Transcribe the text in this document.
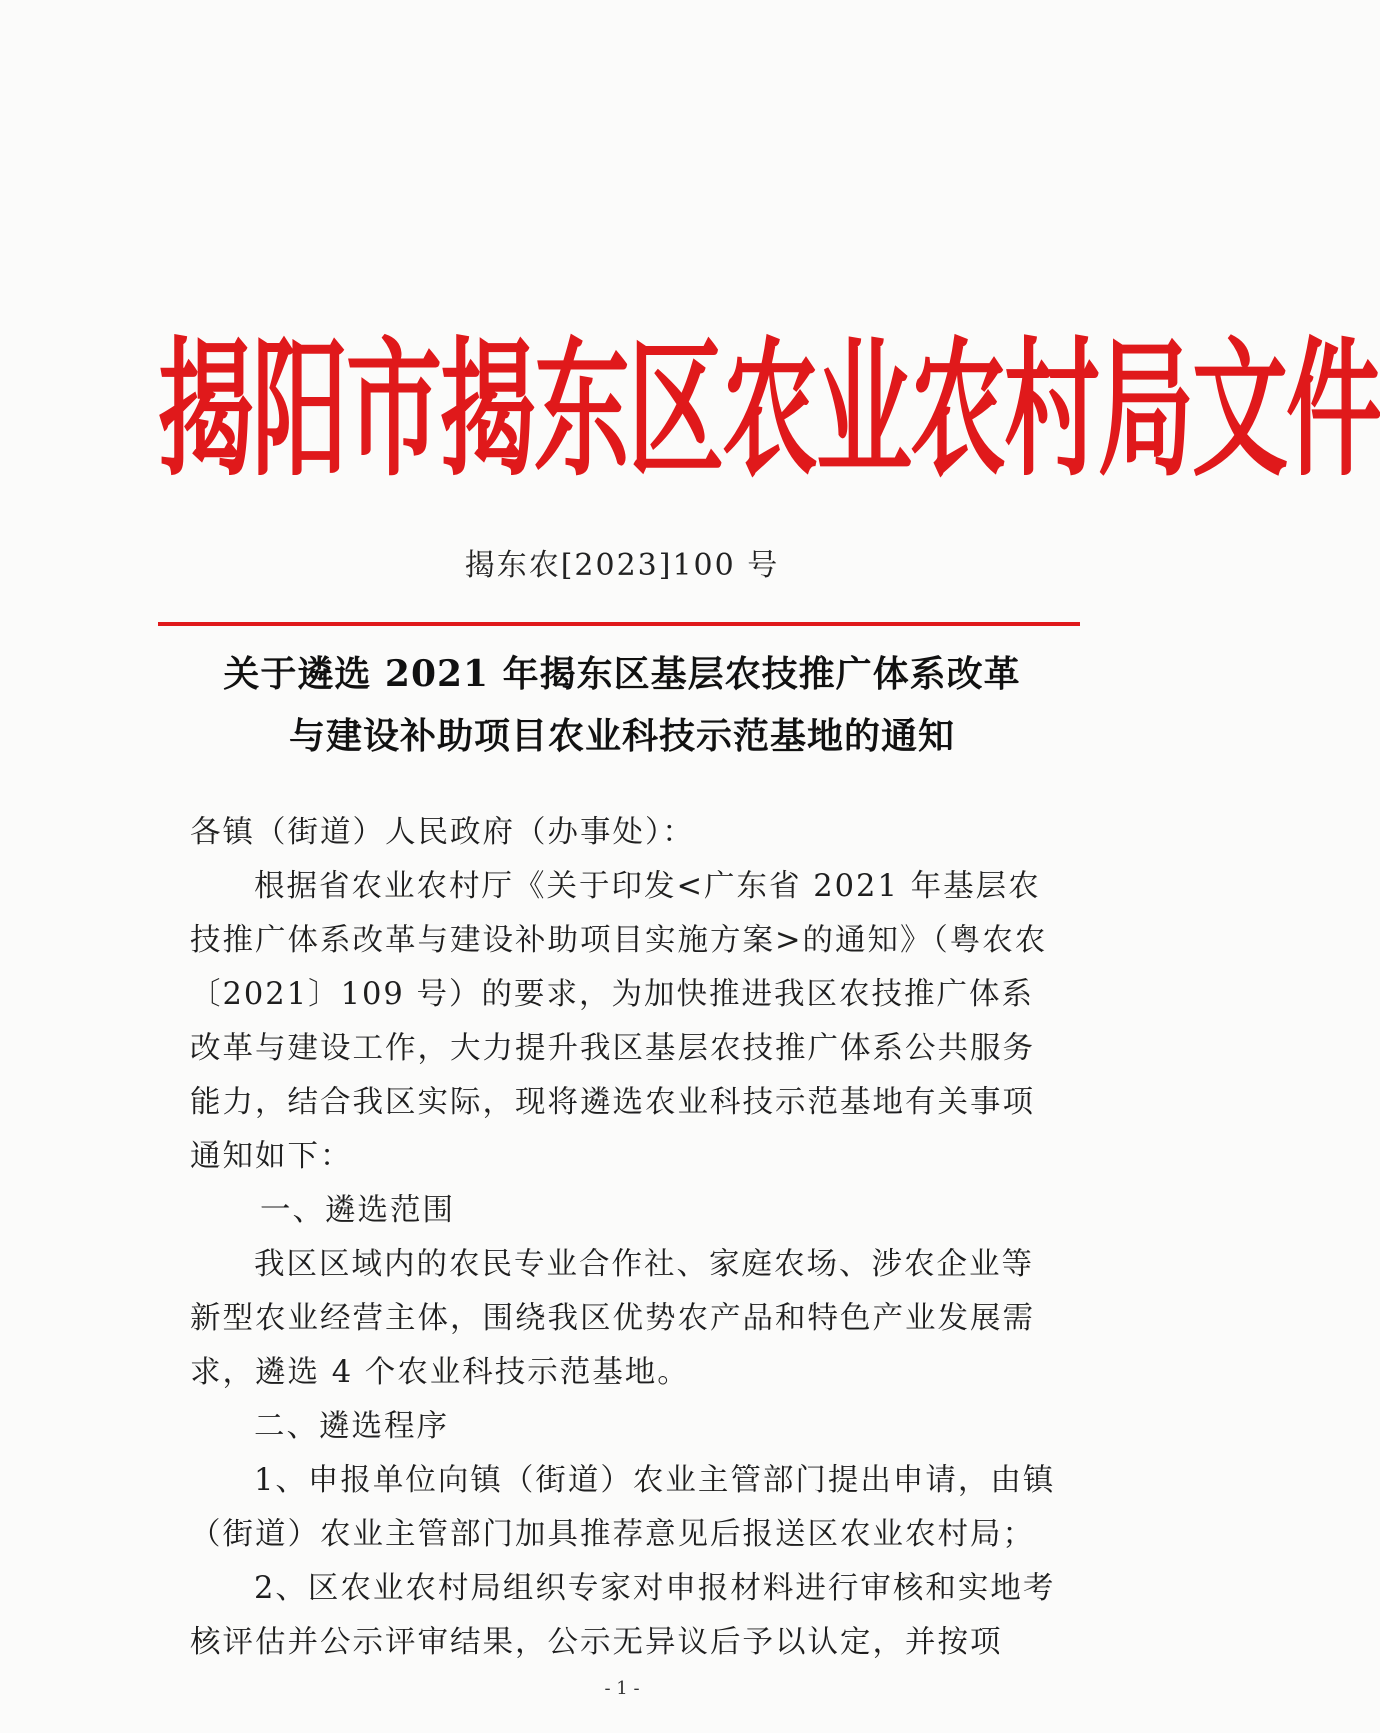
揭 阳 市 揭 东 区 农 业 农 村 局 文 件
揭东农[2023]100 号
关于遴选 2021 年揭东区基层农技推广体系改革
与建设补助项目农业科技示范基地的通知

各镇（街道）人民政府（办事处）：

根据省农业农村厅《关于印发<广东省 2021 年基层农技推广体系改革与建设补助项目实施方案>的通知》（粤农农〔2021〕109 号）的要求，为加快推进我区农技推广体系改革与建设工作，大力提升我区基层农技推广体系公共服务能力，结合我区实际，现将遴选农业科技示范基地有关事项通知如下：

一、遴选范围

我区区域内的农民专业合作社、家庭农场、涉农企业等新型农业经营主体，围绕我区优势农产品和特色产业发展需求，遴选 4 个农业科技示范基地。

二、遴选程序

1、申报单位向镇（街道）农业主管部门提出申请，由镇（街道）农业主管部门加具推荐意见后报送区农业农村局；

2、区农业农村局组织专家对申报材料进行审核和实地考核评估并公示评审结果，公示无异议后予以认定，并按项

- 1 -
